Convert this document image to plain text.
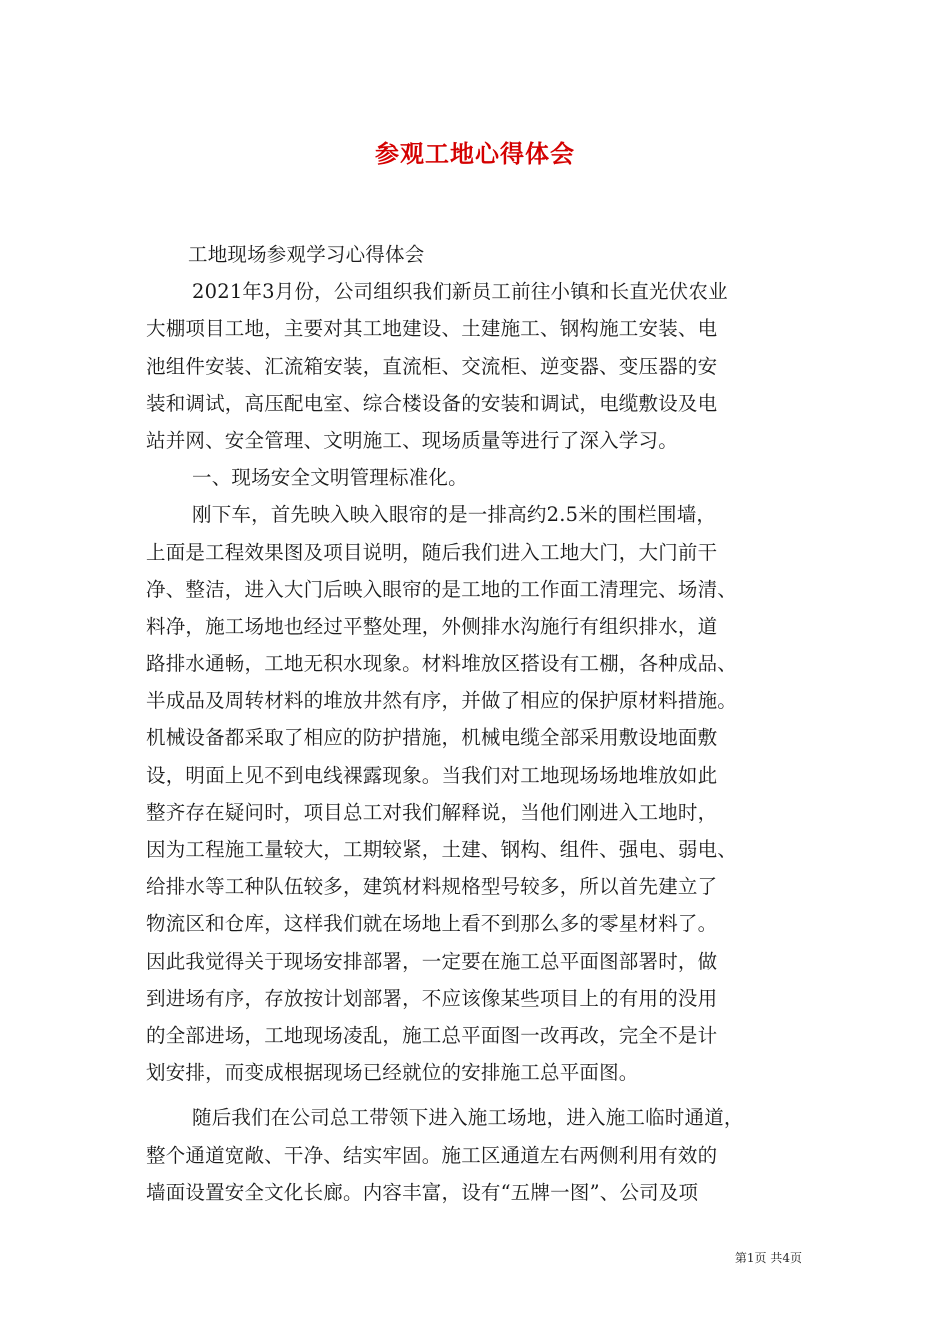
参观工地心得体会
工地现场参观学习心得体会
2021年3月份，公司组织我们新员工前往小镇和长直光伏农业
大棚项目工地，主要对其工地建设、土建施工、钢构施工安装、电
池组件安装、汇流箱安装，直流柜、交流柜、逆变器、变压器的安
装和调试，高压配电室、综合楼设备的安装和调试，电缆敷设及电
站并网、安全管理、文明施工、现场质量等进行了深入学习。
一、现场安全文明管理标准化。
刚下车，首先映入映入眼帘的是一排高约2.5米的围栏围墙，
上面是工程效果图及项目说明，随后我们进入工地大门，大门前干
净、整洁，进入大门后映入眼帘的是工地的工作面工清理完、场清、
料净，施工场地也经过平整处理，外侧排水沟施行有组织排水，道
路排水通畅，工地无积水现象。材料堆放区搭设有工棚，各种成品、
半成品及周转材料的堆放井然有序，并做了相应的保护原材料措施。
机械设备都采取了相应的防护措施，机械电缆全部采用敷设地面敷
设，明面上见不到电线裸露现象。当我们对工地现场场地堆放如此
整齐存在疑问时，项目总工对我们解释说，当他们刚进入工地时，
因为工程施工量较大，工期较紧，土建、钢构、组件、强电、弱电、
给排水等工种队伍较多，建筑材料规格型号较多，所以首先建立了
物流区和仓库，这样我们就在场地上看不到那么多的零星材料了。
因此我觉得关于现场安排部署，一定要在施工总平面图部署时，做
到进场有序，存放按计划部署，不应该像某些项目上的有用的没用
的全部进场，工地现场凌乱，施工总平面图一改再改，完全不是计
划安排，而变成根据现场已经就位的安排施工总平面图。
随后我们在公司总工带领下进入施工场地，进入施工临时通道，
整个通道宽敞、干净、结实牢固。施工区通道左右两侧利用有效的
墙面设置安全文化长廊。内容丰富，设有“五牌一图”、公司及项
第1页 共4页
